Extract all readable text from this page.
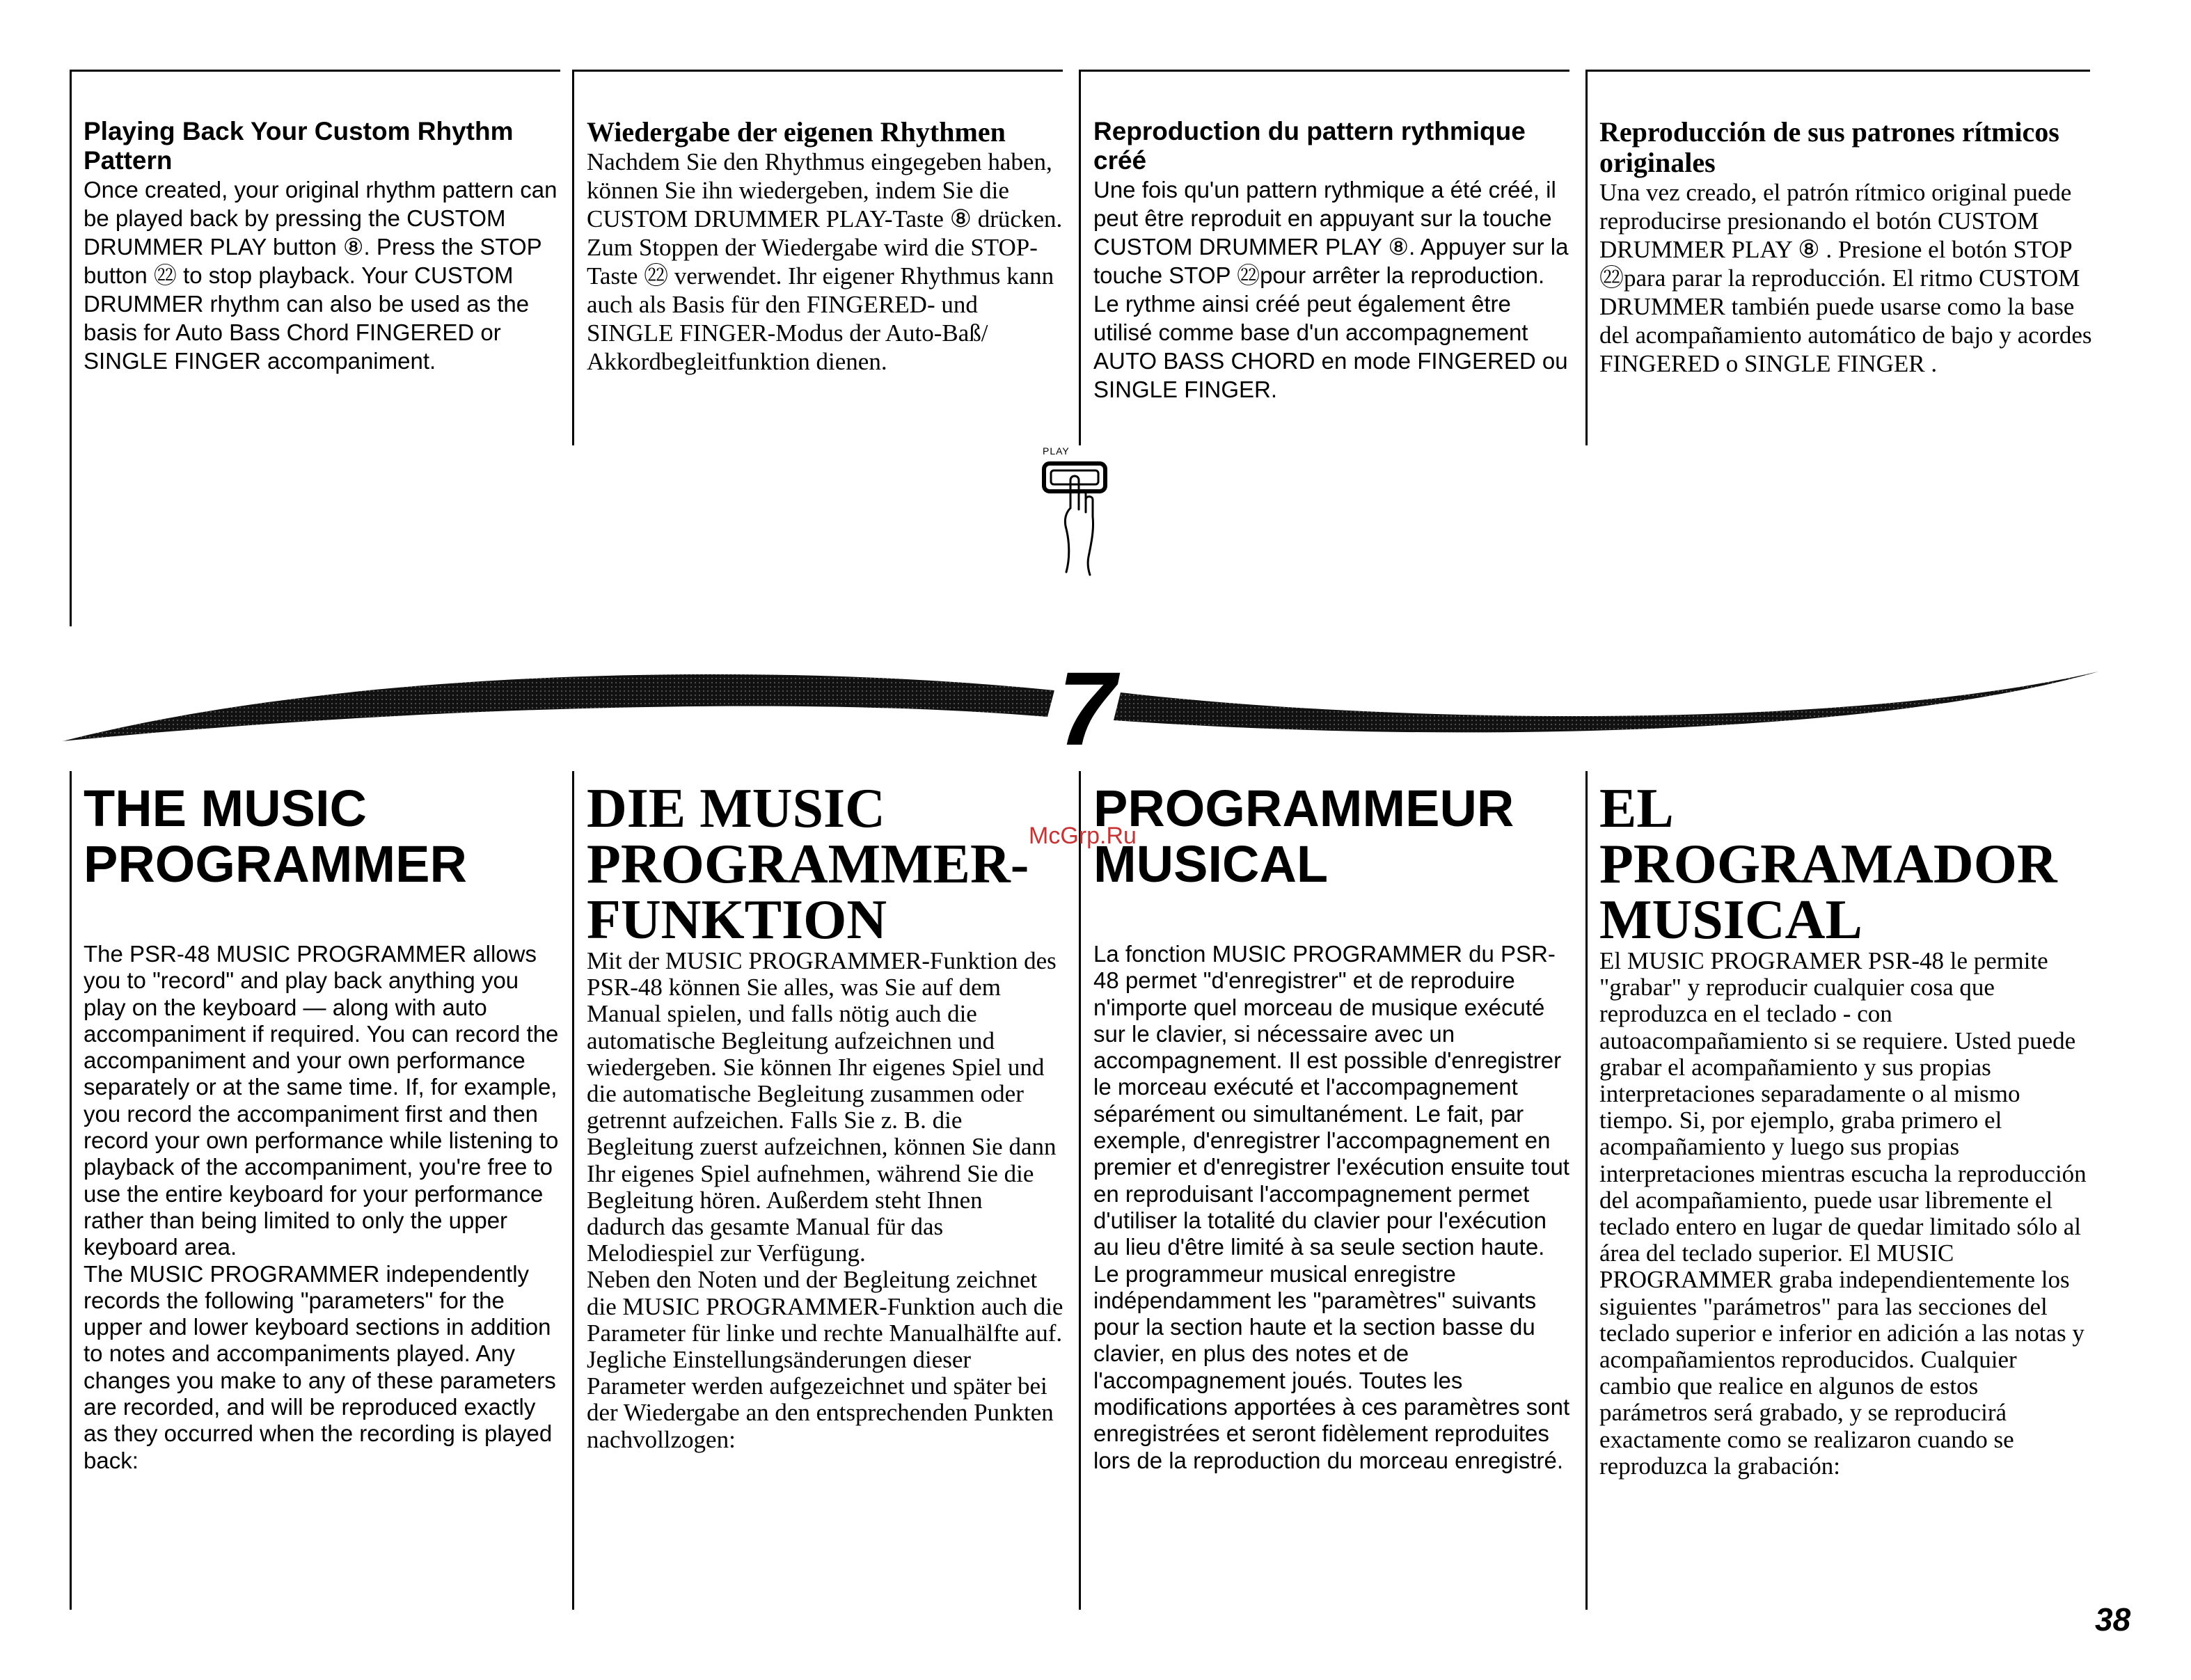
Playing Back Your Custom Rhythm Pattern

Once created, your original rhythm pattern can be played back by pressing the CUSTOM DRUMMER PLAY button ⑧. Press the STOP button ㉒ to stop playback. Your CUSTOM DRUMMER rhythm can also be used as the basis for Auto Bass Chord FINGERED or SINGLE FINGER accompaniment.

Wiedergabe der eigenen Rhythmen

Nachdem Sie den Rhythmus eingegeben haben, können Sie ihn wiedergeben, indem Sie die CUSTOM DRUMMER PLAY-Taste ⑧ drücken. Zum Stoppen der Wiedergabe wird die STOP-Taste ㉒ verwendet. Ihr eigener Rhythmus kann auch als Basis für den FINGERED- und SINGLE FINGER-Modus der Auto-Baß/ Akkordbegleitfunktion dienen.

Reproduction du pattern rythmique créé

Une fois qu'un pattern rythmique a été créé, il peut être reproduit en appuyant sur la touche CUSTOM DRUMMER PLAY ⑧. Appuyer sur la touche STOP ㉒pour arrêter la reproduction. Le rythme ainsi créé peut également être utilisé comme base d'un accompagnement AUTO BASS CHORD en mode FINGERED ou SINGLE FINGER.

Reproducción de sus patrones rítmicos originales

Una vez creado, el patrón rítmico original puede reproducirse presionando el botón CUSTOM DRUMMER PLAY ⑧ . Presione el botón STOP ㉒para parar la reproducción. El ritmo CUSTOM DRUMMER también puede usarse como la base del acompañamiento automático de bajo y acordes FINGERED o SINGLE FINGER .

PLAY
7
THE MUSIC PROGRAMMER

The PSR-48 MUSIC PROGRAMMER allows you to "record" and play back anything you play on the keyboard — along with auto accompaniment if required. You can record the accompaniment and your own performance separately or at the same time. If, for example, you record the accompaniment first and then record your own performance while listening to playback of the accompaniment, you're free to use the entire keyboard for your performance rather than being limited to only the upper keyboard area.
The MUSIC PROGRAMMER independently records the following "parameters" for the upper and lower keyboard sections in addition to notes and accompaniments played. Any changes you make to any of these parameters are recorded, and will be reproduced exactly as they occurred when the recording is played back:

DIE MUSIC PROGRAMMER-FUNKTION

Mit der MUSIC PROGRAMMER-Funktion des PSR-48 können Sie alles, was Sie auf dem Manual spielen, und falls nötig auch die automatische Begleitung aufzeichnen und wiedergeben. Sie können Ihr eigenes Spiel und die automatische Begleitung zusammen oder getrennt aufzeichen. Falls Sie z. B. die Begleitung zuerst aufzeichnen, können Sie dann Ihr eigenes Spiel aufnehmen, während Sie die Begleitung hören. Außerdem steht Ihnen dadurch das gesamte Manual für das Melodiespiel zur Verfügung.
Neben den Noten und der Begleitung zeichnet die MUSIC PROGRAMMER-Funktion auch die Parameter für linke und rechte Manualhälfte auf. Jegliche Einstellungsänderungen dieser Parameter werden aufgezeichnet und später bei der Wiedergabe an den entsprechenden Punkten nachvollzogen:

PROGRAMMEUR MUSICAL

La fonction MUSIC PROGRAMMER du PSR-48 permet "d'enregistrer" et de reproduire n'importe quel morceau de musique exécuté sur le clavier, si nécessaire avec un accompagnement. Il est possible d'enregistrer le morceau exécuté et l'accompagnement séparément ou simultanément. Le fait, par exemple, d'enregistrer l'accompagnement en premier et d'enregistrer l'exécution ensuite tout en reproduisant l'accompagnement permet d'utiliser la totalité du clavier pour l'exécution au lieu d'être limité à sa seule section haute. Le programmeur musical enregistre indépendamment les "paramètres" suivants pour la section haute et la section basse du clavier, en plus des notes et de l'accompagnement joués. Toutes les modifications apportées à ces paramètres sont enregistrées et seront fidèlement reproduites lors de la reproduction du morceau enregistré.

EL PROGRAMADOR MUSICAL

El MUSIC PROGRAMER PSR-48 le permite "grabar" y reproducir cualquier cosa que reproduzca en el teclado - con autoacompañamiento si se requiere. Usted puede grabar el acompañamiento y sus propias interpretaciones separadamente o al mismo tiempo. Si, por ejemplo, graba primero el acompañamiento y luego sus propias interpretaciones mientras escucha la reproducción del acompañamiento, puede usar libremente el teclado entero en lugar de quedar limitado sólo al área del teclado superior. El MUSIC PROGRAMMER graba independientemente los siguientes "parámetros" para las secciones del teclado superior e inferior en adición a las notas y acompañamientos reproducidos. Cualquier cambio que realice en algunos de estos parámetros será grabado, y se reproducirá exactamente como se realizaron cuando se reproduzca la grabación:

McGrp.Ru
38
